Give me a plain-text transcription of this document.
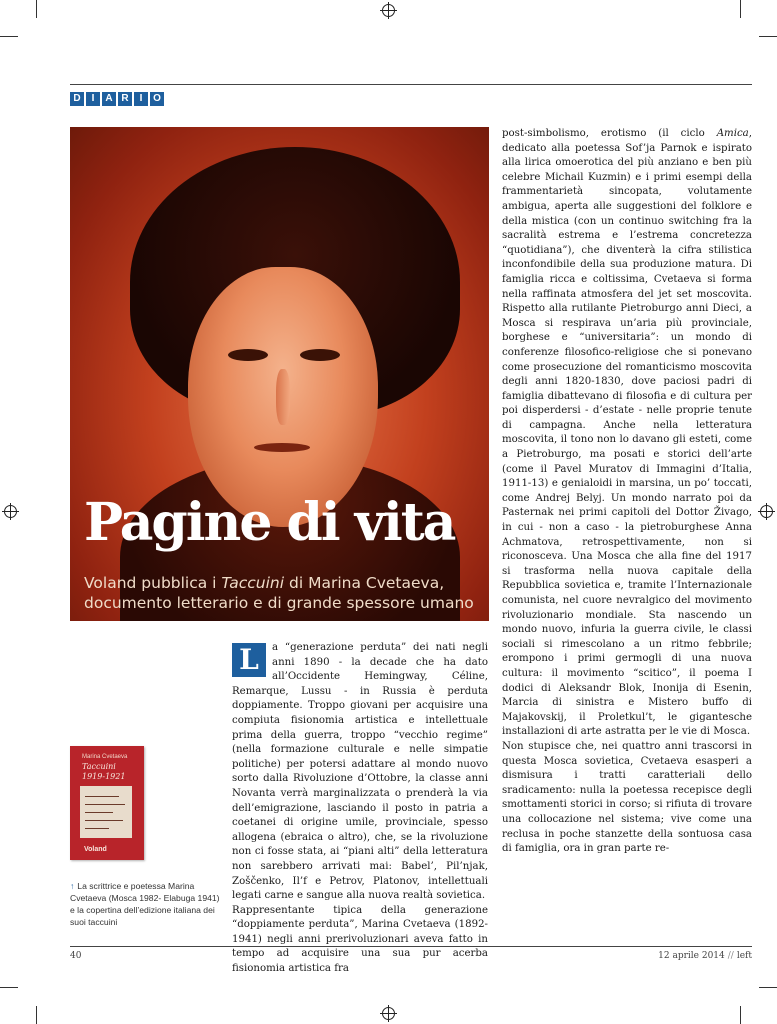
D	I	A R	I	O
Pagine di vita
Voland pubblica i Taccuini di Marina Cvetaeva, documento letterario e di grande spessore umano
L	a “generazione perduta” dei nati negli anni 1890 - la decade che ha dato all’Occidente Hemingway, Céline, Remarque, Lussu - in Russia è perduta doppiamente. Troppo giovani per acquisire una compiuta fisionomia artistica e intellettuale prima della guerra, troppo “vecchio regime” (nella formazione culturale e nelle simpatie politiche) per potersi adattare al mondo nuovo sorto dalla Rivoluzione d’Ottobre, la classe anni Novanta verrà marginalizzata o prenderà la via dell’emigrazione, lasciando il posto in patria a coetanei di origine umile, provinciale, spesso allogena (ebraica o altro), che, se la rivoluzione non ci fosse stata, ai “piani alti” della letteratura non sarebbero arrivati mai: Babel’, Pil’njak, Zoščenko, Il’f e Petrov, Platonov, intellettuali legati carne e sangue alla nuova realtà sovietica.

Rappresentante tipica della generazione “doppiamente perduta”, Marina Cvetaeva (1892-1941) negli anni prerivoluzionari aveva fatto in tempo ad acquisire una sua pur acerba fisionomia artistica fra

post-simbolismo, erotismo (il ciclo Amica, dedicato alla poetessa Sof’ja Parnok e ispirato alla lirica omoerotica del più anziano e ben più celebre Michail Kuzmin) e i primi esempi della frammentarietà sincopata, volutamente ambigua, aperta alle suggestioni del folklore e della mistica (con un continuo switching fra la sacralità estrema e l’estrema concretezza “quotidiana”), che diventerà la cifra stilistica inconfondibile della sua produzione matura. Di famiglia ricca e coltissima, Cvetaeva si forma nella raffinata atmosfera del jet set moscovita. Rispetto alla rutilante Pietroburgo anni Dieci, a Mosca si respirava un’aria più provinciale, borghese e “universitaria”: un mondo di conferenze filosofico-religiose che si ponevano come prosecuzione del romanticismo moscovita degli anni 1820-1830, dove paciosi padri di famiglia dibattevano di filosofia e di cultura per poi disperdersi - d’estate - nelle proprie tenute di campagna. Anche nella letteratura moscovita, il tono non lo davano gli esteti, come a Pietroburgo, ma posati e storici dell’arte (come il Pavel Muratov di Immagini d’Italia, 1911-13) e genialoidi in marsina, un po’ toccati, come Andrej Belyj. Un mondo narrato poi da Pasternak nei primi capitoli del Dottor Živago, in cui - non a caso - la pietroburghese Anna Achmatova, retrospettivamente, non si riconosceva. Una Mosca che alla fine del 1917 si trasforma nella nuova capitale della Repubblica sovietica e, tramite l’Internazionale comunista, nel cuore nevralgico del movimento rivoluzionario mondiale. Sta nascendo un mondo nuovo, infuria la guerra civile, le classi sociali si rimescolano a un ritmo febbrile; erompono i primi germogli di una nuova cultura: il movimento “scitico”, il poema I dodici di Aleksandr Blok, Inonija di Esenin, Marcia di sinistra e Mistero buffo di Majakovskij, il Proletkul’t, le gigantesche installazioni di arte astratta per le vie di Mosca.

Non stupisce che, nei quattro anni trascorsi in questa Mosca sovietica, Cvetaeva esasperi a dismisura i tratti caratteriali dello sradicamento: nulla la poetessa recepisce degli smottamenti storici in corso; si rifiuta di trovare una collocazione nel sistema; vive come una reclusa in poche stanzette della sontuosa casa di famiglia, ora in gran parte re-

Marina Cvetaeva
Taccuini
1919-1921
Voland
↑ La scrittrice e poetessa Marina Cvetaeva (Mosca 1982- Elabuga 1941) e la copertina dell’edizione italiana dei suoi taccuini
40	12 aprile 2014 // left
